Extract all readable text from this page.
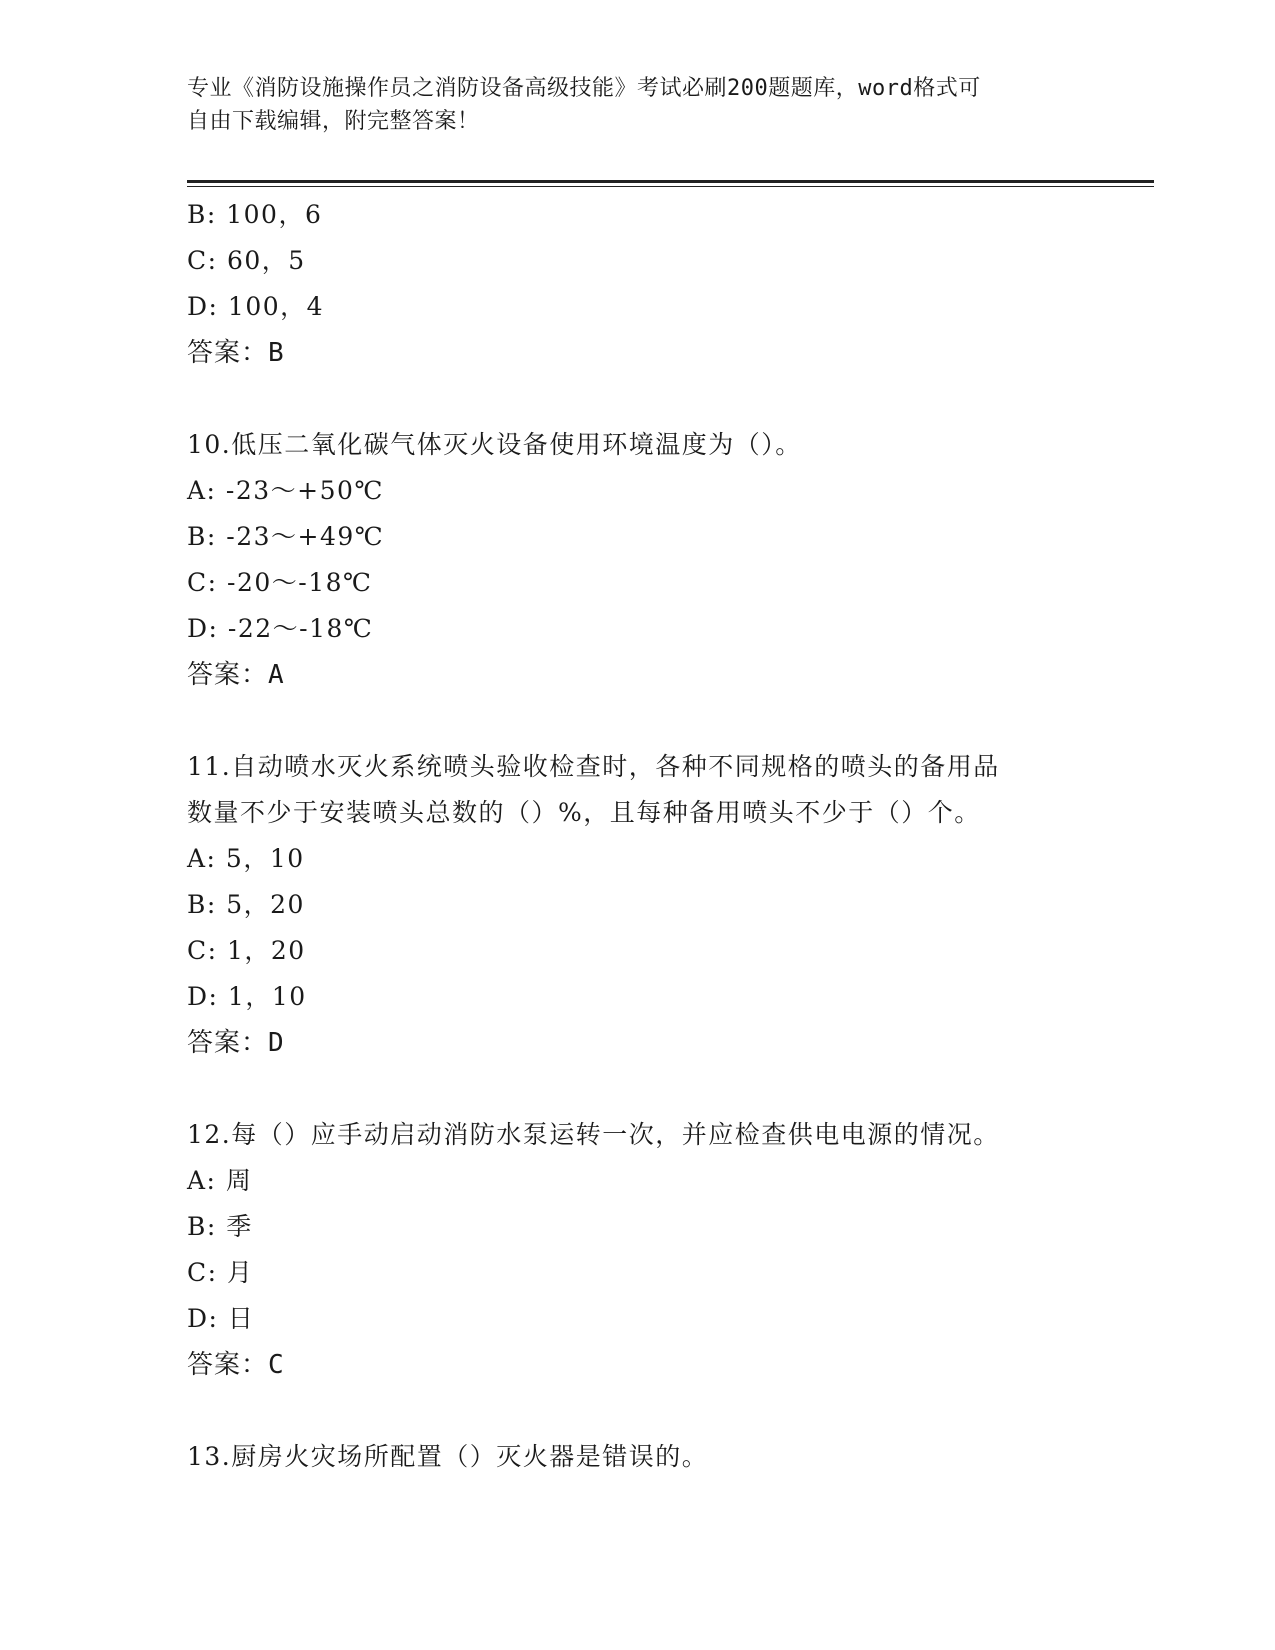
专业《消防设施操作员之消防设备高级技能》考试必刷200题题库，word格式可
自由下载编辑，附完整答案！
B: 100，6
C: 60，5
D: 100，4
答案：B
10.低压二氧化碳气体灭火设备使用环境温度为（）。
A: -23～+50℃
B: -23～+49℃
C: -20～-18℃
D: -22～-18℃
答案：A
11.自动喷水灭火系统喷头验收检查时，各种不同规格的喷头的备用品
数量不少于安装喷头总数的（）%，且每种备用喷头不少于（）个。
A: 5，10
B: 5，20
C: 1，20
D: 1，10
答案：D
12.每（）应手动启动消防水泵运转一次，并应检查供电电源的情况。
A: 周
B: 季
C: 月
D: 日
答案：C
13.厨房火灾场所配置（）灭火器是错误的。
